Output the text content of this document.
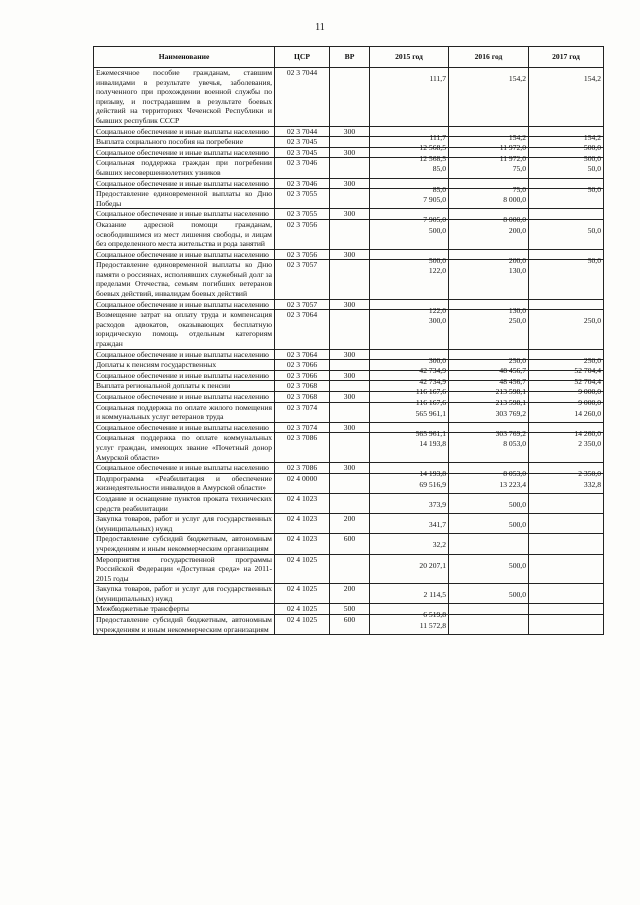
11
Наименование	ЦСР	ВР	2015 год	2016 год	2017 год
Ежемесячное пособие гражданам, ставшим инвалидами в результате увечья, заболевания, полученного при прохождении военной службы по призыву, и пострадавшим в результате боевых действий на территориях Чеченской Республики и бывших республик СССР	02 3 7044		111,7	154,2	154,2
Социальное обеспечение и иные выплаты населению	02 3 7044	300	111,7	154,2	154,2
Выплата социального пособия на погребение	02 3 7045		12 568,5	11 972,0	500,0
Социальное обеспечение и иные выплаты населению	02 3 7045	300	12 568,5	11 972,0	500,0
Социальная поддержка граждан при погребении бывших несовершеннолетних узников	02 3 7046		85,0	75,0	50,0
Социальное обеспечение и иные выплаты населению	02 3 7046	300	85,0	75,0	50,0
Предоставление единовременной выплаты ко Дню Победы	02 3 7055		7 905,0	8 000,0	
Социальное обеспечение и иные выплаты населению	02 3 7055	300	7 905,0	8 000,0	
Оказание адресной помощи гражданам, освободившимся из мест лишения свободы, и лицам без определенного места жительства и рода занятий	02 3 7056		500,0	200,0	50,0
Социальное обеспечение и иные выплаты населению	02 3 7056	300	500,0	200,0	50,0
Предоставление единовременной выплаты ко Дню памяти о россиянах, исполнявших служебный долг за пределами Отечества, семьям погибших ветеранов боевых действий, инвалидам боевых действий	02 3 7057		122,0	130,0	
Социальное обеспечение и иные выплаты населению	02 3 7057	300	122,0	130,0	
Возмещение затрат на оплату труда и компенсация расходов адвокатов, оказывающих бесплатную юридическую помощь отдельным категориям граждан	02 3 7064		300,0	250,0	250,0
Социальное обеспечение и иные выплаты населению	02 3 7064	300	300,0	250,0	250,0
Доплаты к пенсиям государственных	02 3 7066		42 734,9	48 456,7	52 704,4
Социальное обеспечение и иные выплаты населению	02 3 7066	300	42 734,9	48 456,7	52 704,4
Выплата региональной доплаты к пенсии	02 3 7068		116 167,6	213 598,1	9 000,0
Социальное обеспечение и иные выплаты населению	02 3 7068	300	116 167,6	213 598,1	9 000,0
Социальная поддержка по оплате жилого помещения и коммунальных услуг ветеранов труда	02 3 7074		565 961,1	303 769,2	14 260,0
Социальное обеспечение и иные выплаты населению	02 3 7074	300	565 961,1	303 769,2	14 260,0
Социальная поддержка по оплате коммунальных услуг граждан, имеющих звание «Почетный донор Амурской области»	02 3 7086		14 193,8	8 053,0	2 350,0
Социальное обеспечение и иные выплаты населению	02 3 7086	300	14 193,8	8 053,0	2 350,0
Подпрограмма «Реабилитация и обеспечение жизнедеятельности инвалидов в Амурской области»	02 4 0000		69 516,9	13 223,4	332,8
Создание и оснащение пунктов проката технических средств реабилитации	02 4 1023		373,9	500,0	
Закупка товаров, работ и услуг для государственных (муниципальных) нужд	02 4 1023	200	341,7	500,0	
Предоставление субсидий бюджетным, автономным учреждениям и иным некоммерческим организациям	02 4 1023	600	32,2		
Мероприятия государственной программы Российской Федерации «Доступная среда» на 2011-2015 годы	02 4 1025		20 207,1	500,0	
Закупка товаров, работ и услуг для государственных (муниципальных) нужд	02 4 1025	200	2 114,5	500,0	
Межбюджетные трансферты	02 4 1025	500	6 519,8		
Предоставление субсидий бюджетным, автономным учреждениям и иным некоммерческим организациям	02 4 1025	600	11 572,8		
